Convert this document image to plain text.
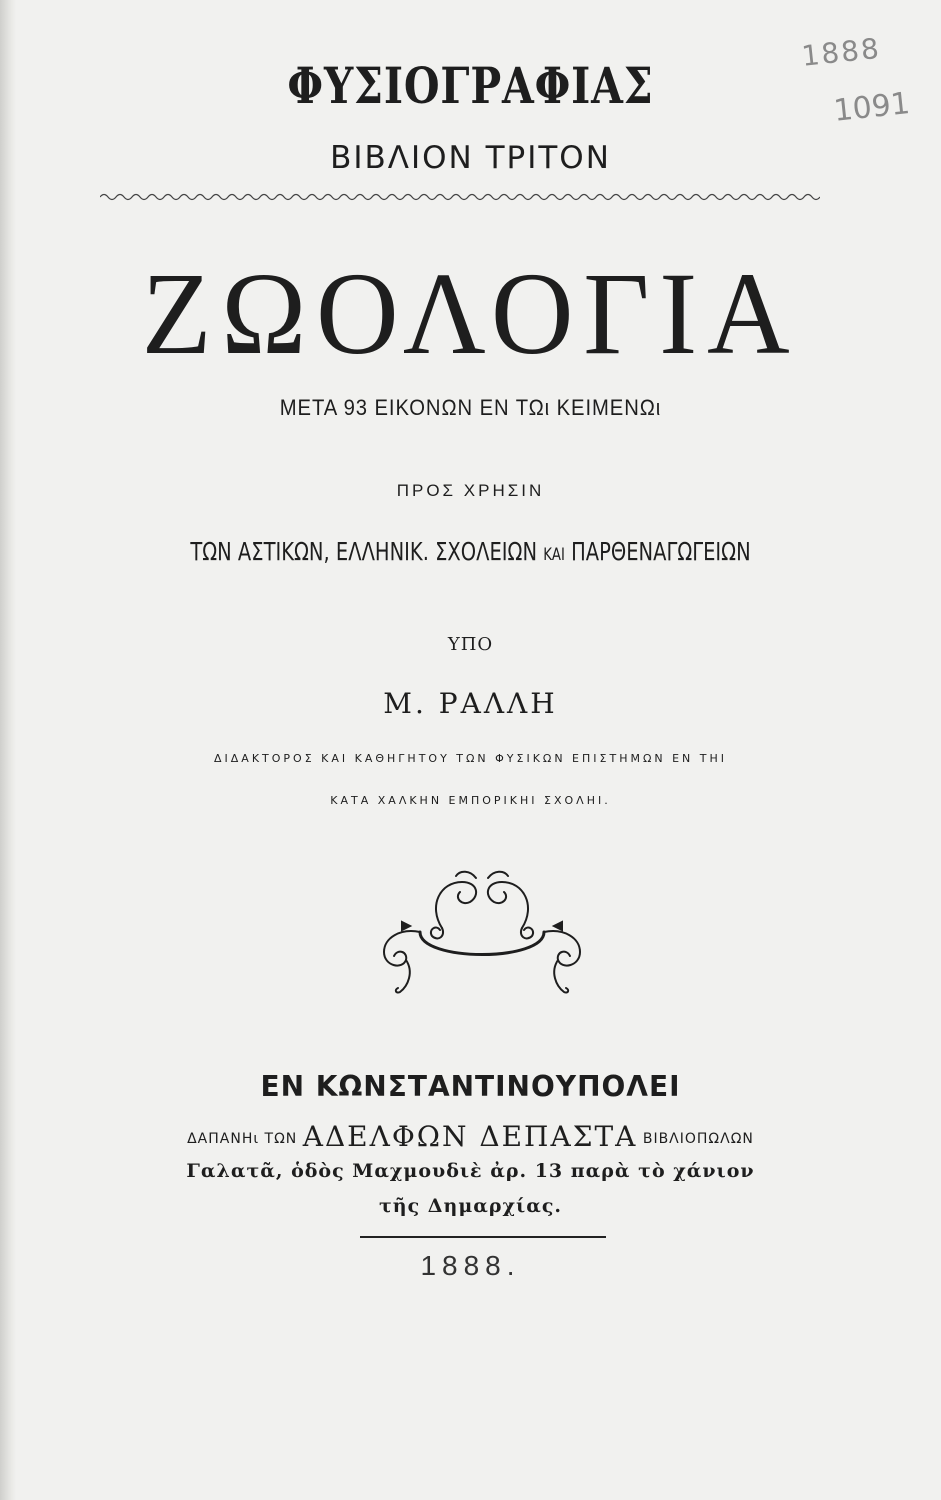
1888
1091
ΦΥΣΙΟΓΡΑΦΙΑΣ
ΒΙΒΛΙΟΝ ΤΡΙΤΟΝ
ΖΩΟΛΟΓΙΑ
ΜΕΤΑ 93 ΕΙΚΟΝΩΝ ΕΝ ΤΩι ΚΕΙΜΕΝΩι
ΠΡΟΣ ΧΡΗΣΙΝ
ΤΩΝ ΑΣΤΙΚΩΝ, ΕΛΛΗΝΙΚ. ΣΧΟΛΕΙΩΝ ΚΑΙ ΠΑΡΘΕΝΑΓΩΓΕΙΩΝ
ΥΠΟ
Μ. ΡΑΛΛΗ
ΔΙΔΑΚΤΟΡΟΣ ΚΑΙ ΚΑΘΗΓΗΤΟΥ ΤΩΝ ΦΥΣΙΚΩΝ ΕΠΙΣΤΗΜΩΝ ΕΝ ΤΗΙ
ΚΑΤΑ ΧΑΛΚΗΝ ΕΜΠΟΡΙΚΗΙ ΣΧΟΛΗΙ.
ΕΝ ΚΩΝΣΤΑΝΤΙΝΟΥΠΟΛΕΙ
ΔΑΠΑΝΗι ΤΩΝ ΑΔΕΛΦΩΝ ΔΕΠΑΣΤΑ ΒΙΒΛΙΟΠΩΛΩΝ
Γαλατᾶ, ὁδὸς Μαχμουδιὲ ἀρ. 13 παρὰ τὸ χάνιον
τῆς Δημαρχίας.
1888.
